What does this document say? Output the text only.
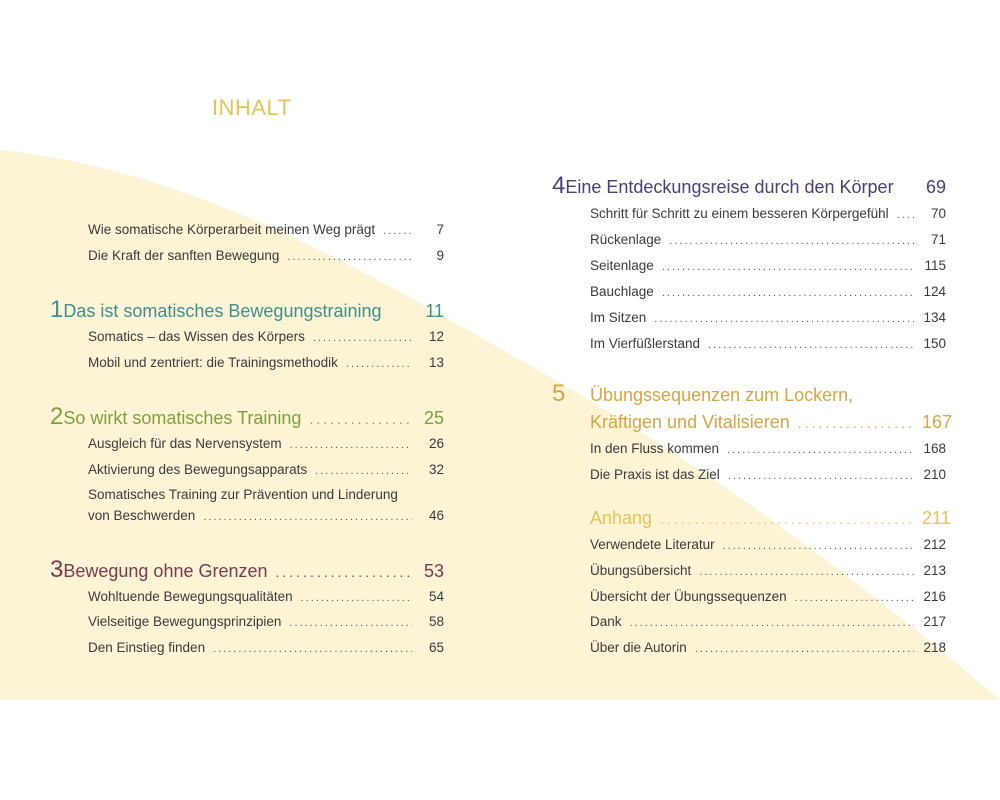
INHALT
Wie somatische Körperarbeit meinen Weg prägt .....	7
Die Kraft der sanften Bewegung .....	9
1 Das ist somatisches Bewegungstraining 11
Somatics – das Wissen des Körpers .....	12
Mobil und zentriert: die Trainingsmethodik .....	13
2 So wirkt somatisches Training .....	25
Ausgleich für das Nervensystem .....	26
Aktivierung des Bewegungsapparats .....	32
Somatisches Training zur Prävention und Linderung
von Beschwerden .....	46
3 Bewegung ohne Grenzen .....	53
Wohltuende Bewegungsqualitäten .....	54
Vielseitige Bewegungsprinzipien .....	58
Den Einstieg finden .....	65
4 Eine Entdeckungsreise durch den Körper 69
Schritt für Schritt zu einem besseren Körpergefühl .....	70
Rückenlage .....	71
Seitenlage .....	115
Bauchlage .....	124
Im Sitzen .....	134
Im Vierfüßlerstand .....	150
5	Übungssequenzen zum Lockern,
Kräftigen und Vitalisieren .....	167
In den Fluss kommen .....	168
Die Praxis ist das Ziel .....	210
Anhang .....	211
Verwendete Literatur .....	212
Übungsübersicht .....	213
Übersicht der Übungssequenzen .....	216
Dank .....	217
Über die Autorin .....	218
